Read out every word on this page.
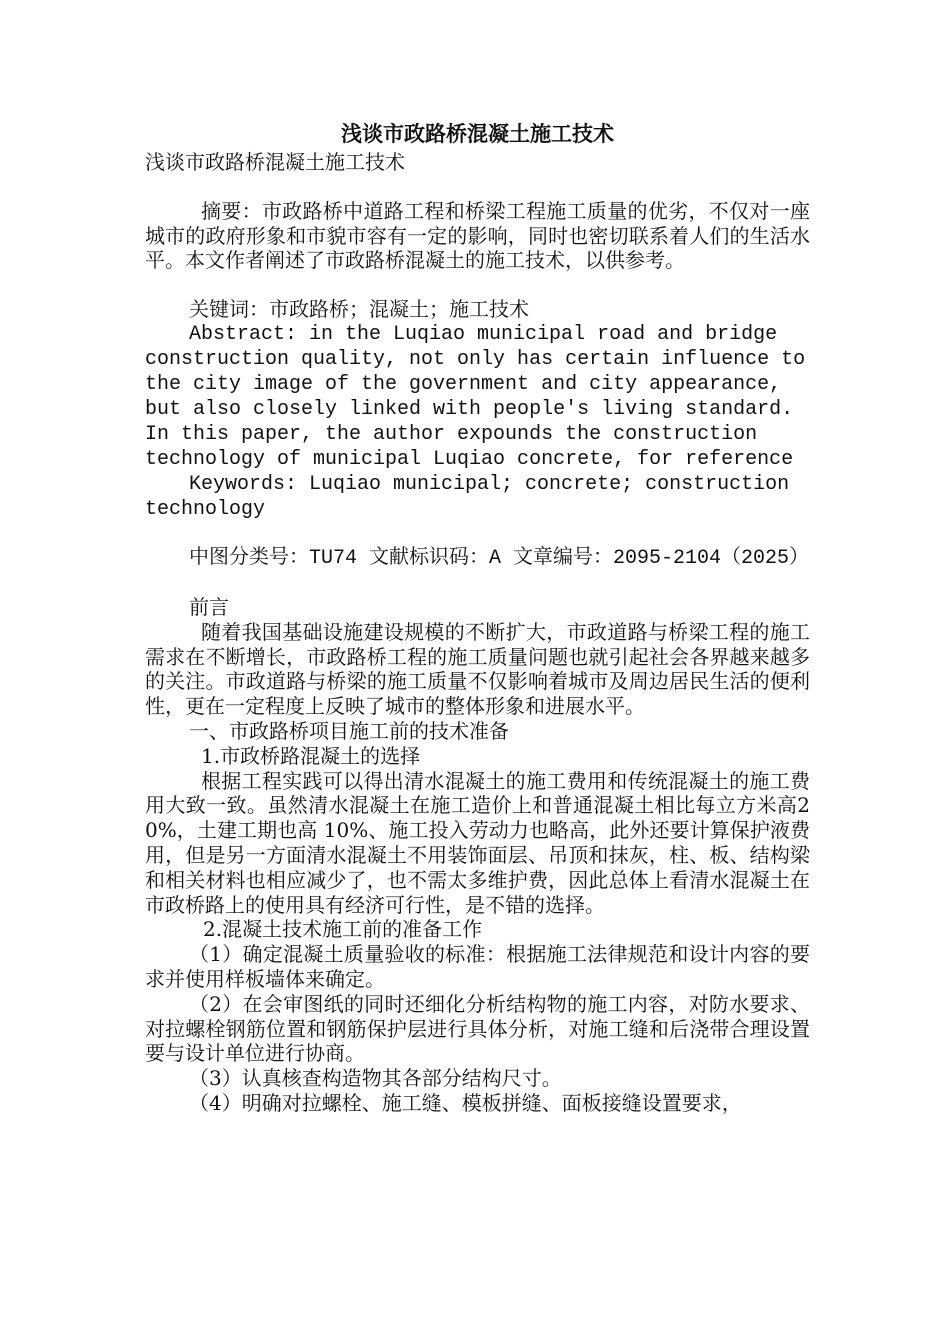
浅谈市政路桥混凝土施工技术

浅谈市政路桥混凝土施工技术

摘要：市政路桥中道路工程和桥梁工程施工质量的优劣，不仅对一座城市的政府形象和市貌市容有一定的影响，同时也密切联系着人们的生活水平。本文作者阐述了市政路桥混凝土的施工技术，以供参考。

关键词：市政路桥；混凝土；施工技术

Abstract: in the Luqiao municipal road and bridge construction quality, not only has certain influence to the city image of the government and city appearance, but also closely linked with people's living standard. In this paper, the author expounds the construction technology of municipal Luqiao concrete, for reference

Keywords: Luqiao municipal; concrete; construction technology

中图分类号：TU74 文献标识码：A 文章编号：2095-2104（2025）

前言

随着我国基础设施建设规模的不断扩大，市政道路与桥梁工程的施工需求在不断增长，市政路桥工程的施工质量问题也就引起社会各界越来越多的关注。市政道路与桥梁的施工质量不仅影响着城市及周边居民生活的便利性，更在一定程度上反映了城市的整体形象和进展水平。

一、市政路桥项目施工前的技术准备

1.市政桥路混凝土的选择

根据工程实践可以得出清水混凝土的施工费用和传统混凝土的施工费用大致一致。虽然清水混凝土在施工造价上和普通混凝土相比每立方米高20%，土建工期也高 10%、施工投入劳动力也略高，此外还要计算保护液费用，但是另一方面清水混凝土不用装饰面层、吊顶和抹灰，柱、板、结构梁和相关材料也相应减少了，也不需太多维护费，因此总体上看清水混凝土在市政桥路上的使用具有经济可行性，是不错的选择。

2.混凝土技术施工前的准备工作

（1）确定混凝土质量验收的标准：根据施工法律规范和设计内容的要求并使用样板墙体来确定。

（2）在会审图纸的同时还细化分析结构物的施工内容，对防水要求、对拉螺栓钢筋位置和钢筋保护层进行具体分析，对施工缝和后浇带合理设置要与设计单位进行协商。

（3）认真核查构造物其各部分结构尺寸。

（4）明确对拉螺栓、施工缝、模板拼缝、面板接缝设置要求，
